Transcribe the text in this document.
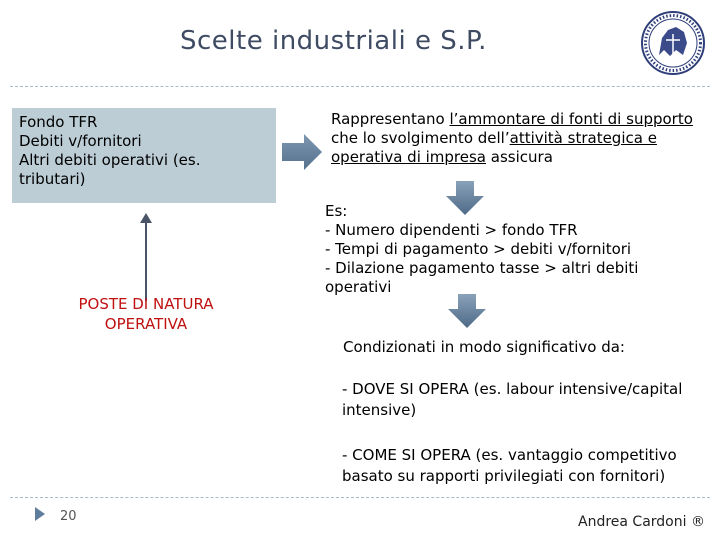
Scelte industriali e S.P.
Fondo TFR
Debiti v/fornitori
Altri debiti operativi (es.
tributari)
POSTE DI NATURA
OPERATIVA
Rappresentano l’ammontare di fonti di supporto che lo svolgimento dell’attività strategica e operativa di impresa assicura
Es:
- Numero dipendenti > fondo TFR
- Tempi di pagamento > debiti v/fornitori
- Dilazione pagamento tasse > altri debiti operativi
Condizionati in modo significativo da:
- DOVE SI OPERA (es. labour intensive/capital intensive)
- COME SI OPERA (es. vantaggio competitivo basato su rapporti privilegiati con fornitori)
20	Andrea Cardoni ®
